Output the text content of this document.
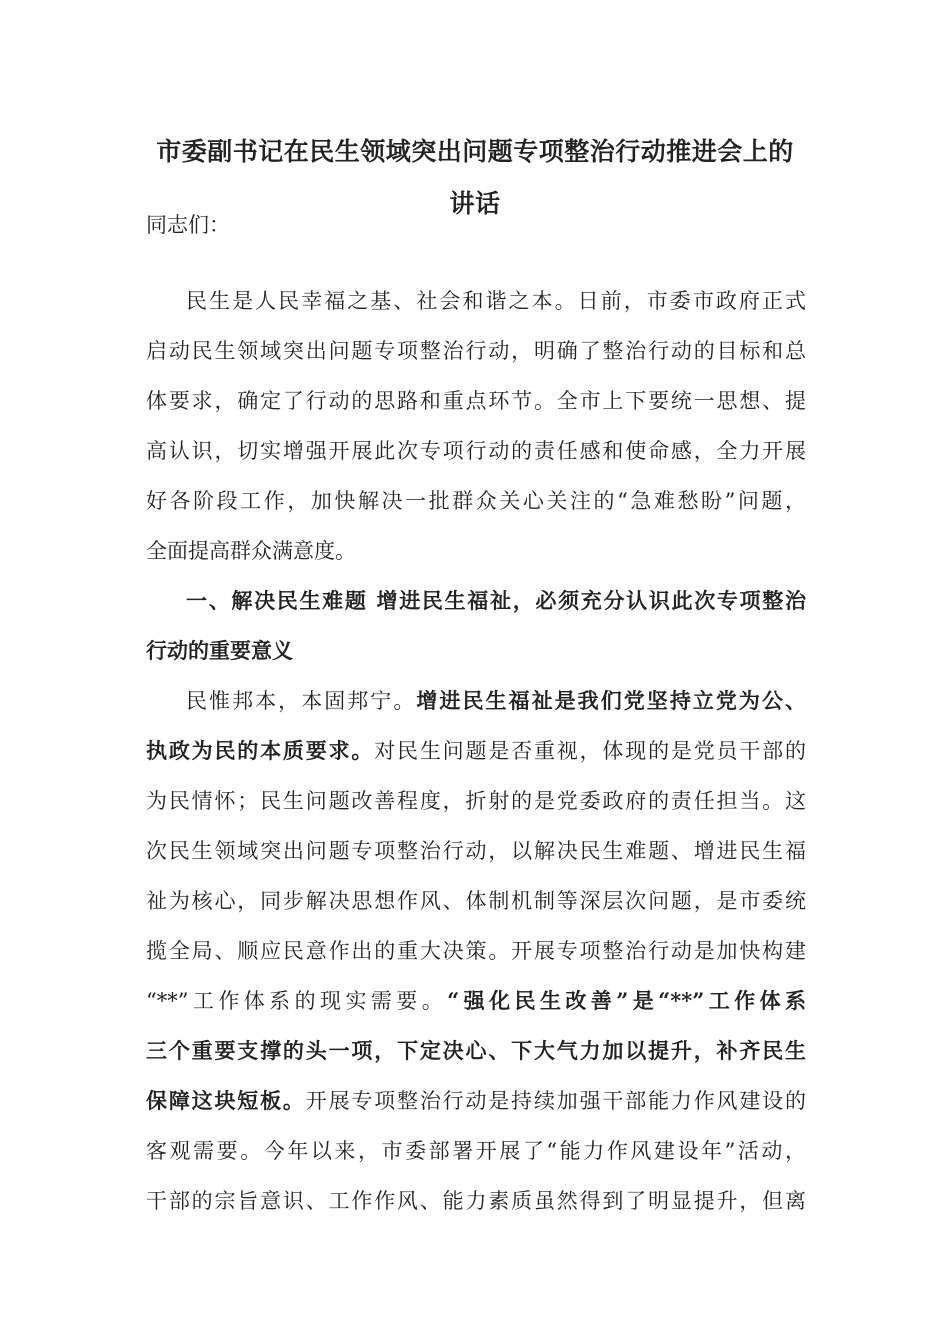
市委副书记在民生领域突出问题专项整治行动推进会上的
讲话
同志们：
民生是人民幸福之基、社会和谐之本。日前，市委市政府正式
启动民生领域突出问题专项整治行动，明确了整治行动的目标和总
体要求，确定了行动的思路和重点环节。全市上下要统一思想、提
高认识，切实增强开展此次专项行动的责任感和使命感，全力开展
好各阶段工作，加快解决一批群众关心关注的“急难愁盼”问题，
全面提高群众满意度。
一、解决民生难题 增进民生福祉，必须充分认识此次专项整治
行动的重要意义
民惟邦本，本固邦宁。增进民生福祉是我们党坚持立党为公、
执政为民的本质要求。对民生问题是否重视，体现的是党员干部的
为民情怀；民生问题改善程度，折射的是党委政府的责任担当。这
次民生领域突出问题专项整治行动，以解决民生难题、增进民生福
祉为核心，同步解决思想作风、体制机制等深层次问题，是市委统
揽全局、顺应民意作出的重大决策。开展专项整治行动是加快构建
“**”工作体系的现实需要。“强化民生改善”是“**”工作体系
三个重要支撑的头一项，下定决心、下大气力加以提升，补齐民生
保障这块短板。开展专项整治行动是持续加强干部能力作风建设的
客观需要。今年以来，市委部署开展了“能力作风建设年”活动，
干部的宗旨意识、工作作风、能力素质虽然得到了明显提升，但离
